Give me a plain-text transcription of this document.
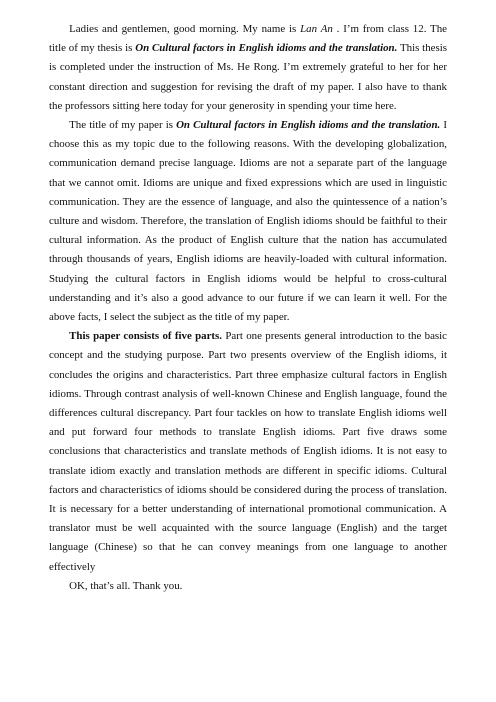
Ladies and gentlemen, good morning. My name is Lan An . I’m from class 12. The title of my thesis is On Cultural factors in English idioms and the translation. This thesis is completed under the instruction of Ms. He Rong. I’m extremely grateful to her for her constant direction and suggestion for revising the draft of my paper. I also have to thank the professors sitting here today for your generosity in spending your time here.

The title of my paper is On Cultural factors in English idioms and the translation. I choose this as my topic due to the following reasons. With the developing globalization, communication demand precise language. Idioms are not a separate part of the language that we cannot omit. Idioms are unique and fixed expressions which are used in linguistic communication. They are the essence of language, and also the quintessence of a nation’s culture and wisdom. Therefore, the translation of English idioms should be faithful to their cultural information. As the product of English culture that the nation has accumulated through thousands of years, English idioms are heavily-loaded with cultural information. Studying the cultural factors in English idioms would be helpful to cross-cultural understanding and it’s also a good advance to our future if we can learn it well. For the above facts, I select the subject as the title of my paper.

This paper consists of five parts. Part one presents general introduction to the basic concept and the studying purpose. Part two presents overview of the English idioms, it concludes the origins and characteristics. Part three emphasize cultural factors in English idioms. Through contrast analysis of well-known Chinese and English language, found the differences cultural discrepancy. Part four tackles on how to translate English idioms well and put forward four methods to translate English idioms. Part five draws some conclusions that characteristics and translate methods of English idioms. It is not easy to translate idiom exactly and translation methods are different in specific idioms. Cultural factors and characteristics of idioms should be considered during the process of translation. It is necessary for a better understanding of international promotional communication. A translator must be well acquainted with the source language (English) and the target language (Chinese) so that he can convey meanings from one language to another effectively

OK, that’s all. Thank you.
